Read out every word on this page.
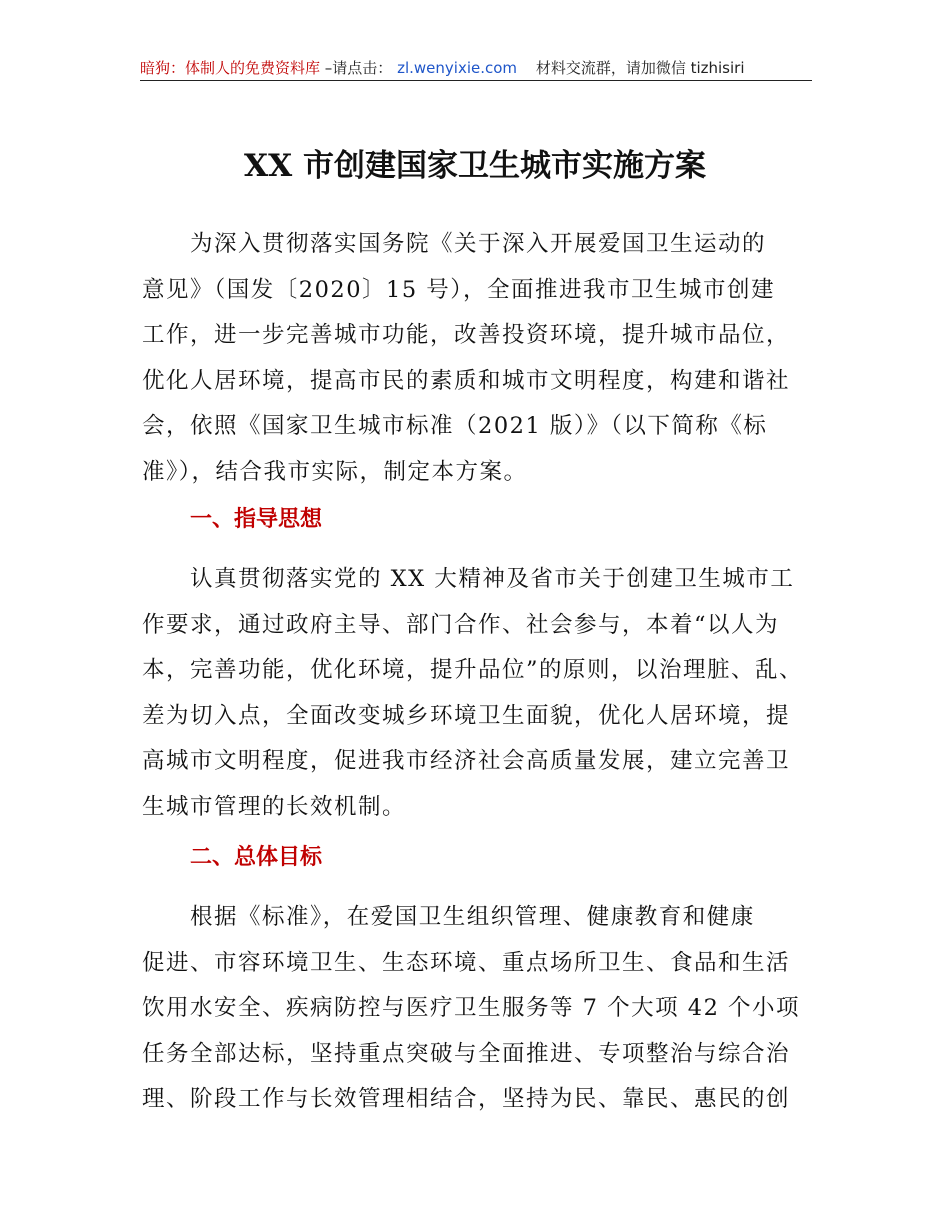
暗狗：体制人的免费资料库 –请点击： zl.wenyixie.com 材料交流群，请加微信 tizhisiri
XX 市创建国家卫生城市实施方案
为深入贯彻落实国务院《关于深入开展爱国卫生运动的
意见》（国发〔2020〕15 号），全面推进我市卫生城市创建
工作，进一步完善城市功能，改善投资环境，提升城市品位，
优化人居环境，提高市民的素质和城市文明程度，构建和谐社
会，依照《国家卫生城市标准（2021 版）》（以下简称《标
准》），结合我市实际，制定本方案。
一、指导思想
认真贯彻落实党的 XX 大精神及省市关于创建卫生城市工
作要求，通过政府主导、部门合作、社会参与，本着“以人为
本，完善功能，优化环境，提升品位”的原则，以治理脏、乱、
差为切入点，全面改变城乡环境卫生面貌，优化人居环境，提
高城市文明程度，促进我市经济社会高质量发展，建立完善卫
生城市管理的长效机制。
二、总体目标
根据《标准》，在爱国卫生组织管理、健康教育和健康
促进、市容环境卫生、生态环境、重点场所卫生、食品和生活
饮用水安全、疾病防控与医疗卫生服务等 7 个大项 42 个小项
任务全部达标，坚持重点突破与全面推进、专项整治与综合治
理、阶段工作与长效管理相结合，坚持为民、靠民、惠民的创
